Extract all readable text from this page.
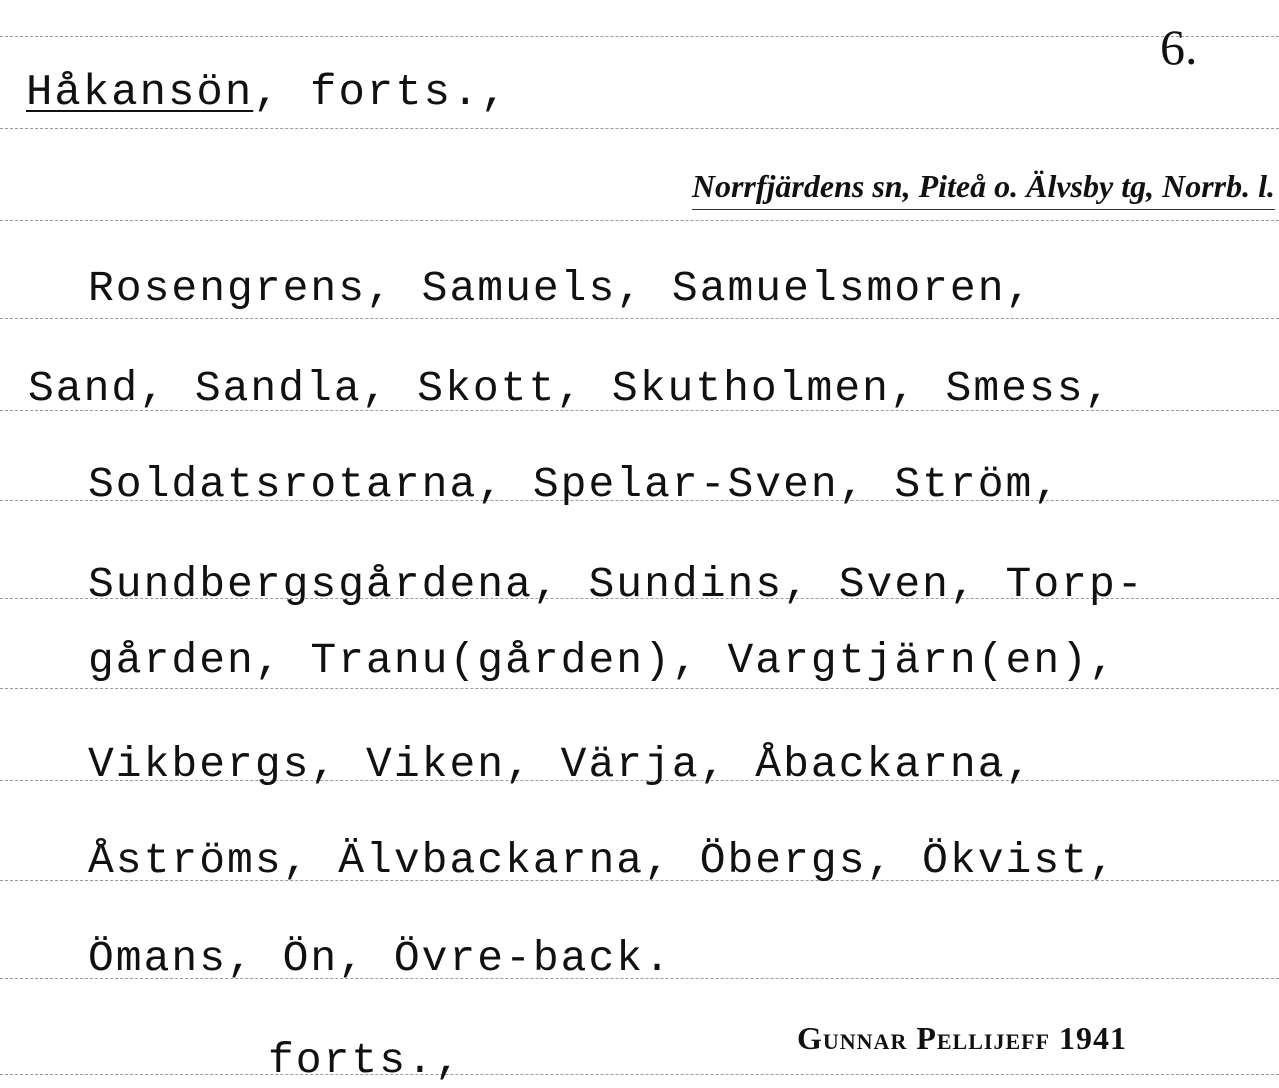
6.
Håkansön, forts.,
Norrfjärdens sn, Piteå o. Älvsby tg, Norrb. l.
Rosengrens, Samuels, Samuelsmoren,
Sand, Sandla, Skott, Skutholmen, Smess,
Soldatsrotarna, Spelar-Sven, Ström,
Sundbergsgårdena, Sundins, Sven, Torp-
gården, Tranu(gården), Vargtjärn(en),
Vikbergs, Viken, Värja, Åbackarna,
Åströms, Älvbackarna, Öbergs, Ökvist,
Ömans, Ön, Övre-back.
forts.,	Gunnar Pellijeff 1941
